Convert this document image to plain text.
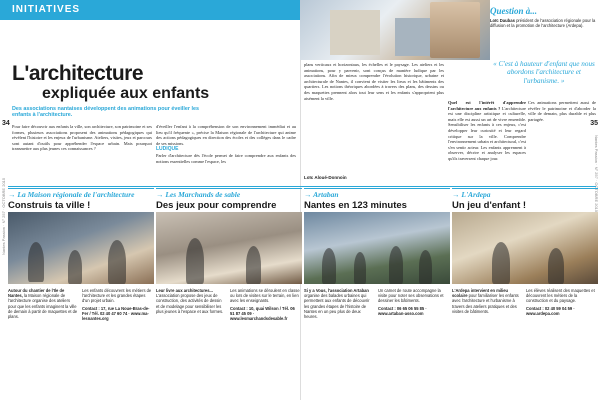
INITIATIVES
34	35
Nantes Passion · N° 257 · OCTOBRE 2015
Nantes Passion · N° 257 · OCTOBRE 2015
Question à...
Loïc Daubas président de l'association régionale pour la diffusion et la promotion de l'architecture (Ardepa).
« C'est à hauteur d'enfant que nous abordons l'architecture et l'urbanisme. »
L'architecture
expliquée aux enfants
Des associations nantaises développent des animations pour éveiller les enfants à l'architecture.
Pour faire découvrir aux enfants la ville, son architecture, son patrimoine et ses formes, plusieurs associations proposent des animations pédagogiques qui révèlent l'histoire et les enjeux de l'urbanisme. Ateliers, visites, jeux et parcours sont autant d'outils pour appréhender l'espace urbain. Mais pourquoi transmettre aux plus jeunes ces connaissances ?
d'éveiller l'enfant à la compréhension de son environnement immédiat et au lieu qu'il fréquente », précise la Maison régionale de l'architecture qui anime des actions pédagogiques en direction des écoles et des collèges dans le cadre de ses missions.
LUDIQUE
Parler d'architecture dès l'école permet de faire comprendre aux enfants des notions essentielles comme l'espace, les
plans verticaux et horizontaux, les échelles et le paysage. Les ateliers et les animations, pour y parvenir, sont conçus de manière ludique par les associations. Afin de mieux comprendre l'évolution historique, urbaine et architecturale de Nantes, il convient de visiter les lieux et les bâtiments des quartiers. Les notions théoriques abordées à travers des plans, des dessins ou des maquettes prennent alors tout leur sens et les enfants s'approprient plus aisément la ville.
Loïc Aloué-Donnoin
Quel est l'intérêt d'apprendre l'architecture aux enfants ? L'architecture est une discipline artistique et culturelle, mais elle est aussi un art de vivre ensemble. Sensibiliser les enfants à ces enjeux, c'est développer leur curiosité et leur regard critique sur la ville. Comprendre l'environnement urbain et architectural, c'est s'en sentir acteur. Les enfants apprennent à observer, décrire et analyser les espaces qu'ils traversent chaque jour.
Ces animations permettent aussi de révéler le patrimoine et d'aborder la ville de demain, plus durable et plus partagée.
→ La Maison régionale de l'architecture
Construis ta ville !
Autour du chantier de l'Ile de Nantes, la Maison régionale de l'architecture organise des ateliers pour que les enfants imaginent la ville de demain à partir de maquettes et de plans.
Les enfants découvrent les métiers de l'architecture et les grandes étapes d'un projet urbain.
Contact : 17, rue La Noue-Bras-de-Fer / Tél. 02 40 47 60 74 · www.ma-lesnantes.org
→ Les Marchands de sable
Des jeux pour comprendre
Leur livre aux architectures... L'association propose des jeux de construction, des activités de dessin et de modelage pour sensibiliser les plus jeunes à l'espace et aux formes.
Les animations se déroulent en classe ou lors de visites sur le terrain, en lien avec les enseignants.
Contact : 10, quai Wilson / Tél. 06 51 87 45 09 · www.lesmarchandsdesable.fr
→ Artaban
Nantes en 123 minutes
Si y a Vous, l'association Artaban organise des balades urbaines qui permettent aux enfants de découvrir les grandes étapes de l'histoire de Nantes en un peu plus de deux heures.
Un carnet de route accompagne la visite pour noter ses observations et dessiner les bâtiments.
Contact : 06 65 06 55 85 · www.artaban-asso.com
→ L'Ardepa
Un jeu d'enfant !
L'Ardepa intervient en milieu scolaire pour familiariser les enfants avec l'architecture et l'urbanisme à travers des ateliers pratiques et des visites de bâtiments.
Les élèves réalisent des maquettes et découvrent les métiers de la construction et du paysage.
Contact : 02 40 59 04 59 · www.ardepa.com
